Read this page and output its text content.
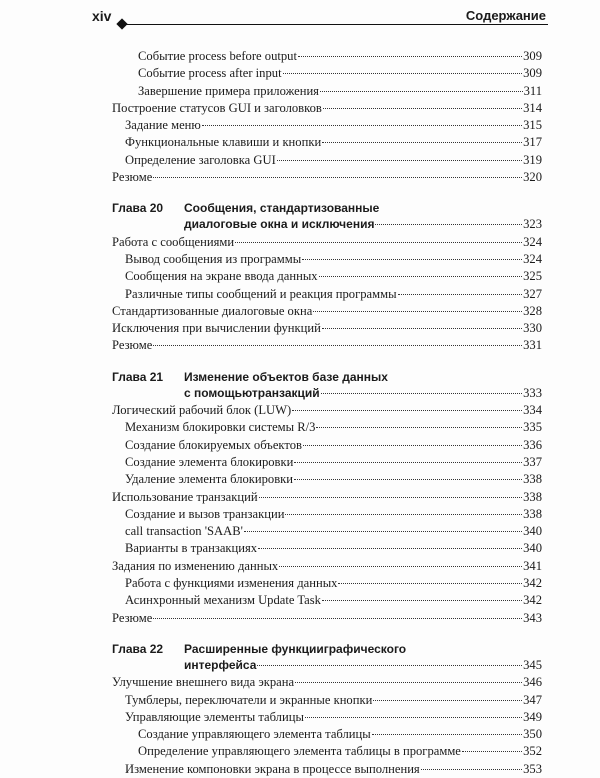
xiv	Содержание
Событие process before output	309
Событие process after input	309
Завершение примера приложения	311
Построение статусов GUI и заголовков	314
Задание меню	315
Функциональные клавиши и кнопки	317
Определение заголовка GUI	319
Резюме	320
Глава 20 Сообщения, стандартизованные
диалоговые окна и исключения	323
Работа с сообщениями	324
Вывод сообщения из программы	324
Сообщения на экране ввода данных	325
Различные типы сообщений и реакция программы	327
Стандартизованные диалоговые окна	328
Исключения при вычислении функций	330
Резюме	331
Глава 21 Изменение объектов базе данных
с помощьютранзакций	333
Логический рабочий блок (LUW)	334
Механизм блокировки системы R/3	335
Создание блокируемых объектов	336
Создание элемента блокировки	337
Удаление элемента блокировки	338
Использование транзакций	338
Создание и вызов транзакции	338
call transaction 'SAAB'	340
Варианты в транзакциях	340
Задания по изменению данных	341
Работа с функциями изменения данных	342
Асинхронный механизм Update Task	342
Резюме	343
Глава 22 Расширенные функцииграфического
интерфейса	345
Улучшение внешнего вида экрана	346
Тумблеры, переключатели и экранные кнопки	347
Управляющие элементы таблицы	349
Создание управляющего элемента таблицы	350
Определение управляющего элемента таблицы в программе	352
Изменение компоновки экрана в процессе выполнения	353
